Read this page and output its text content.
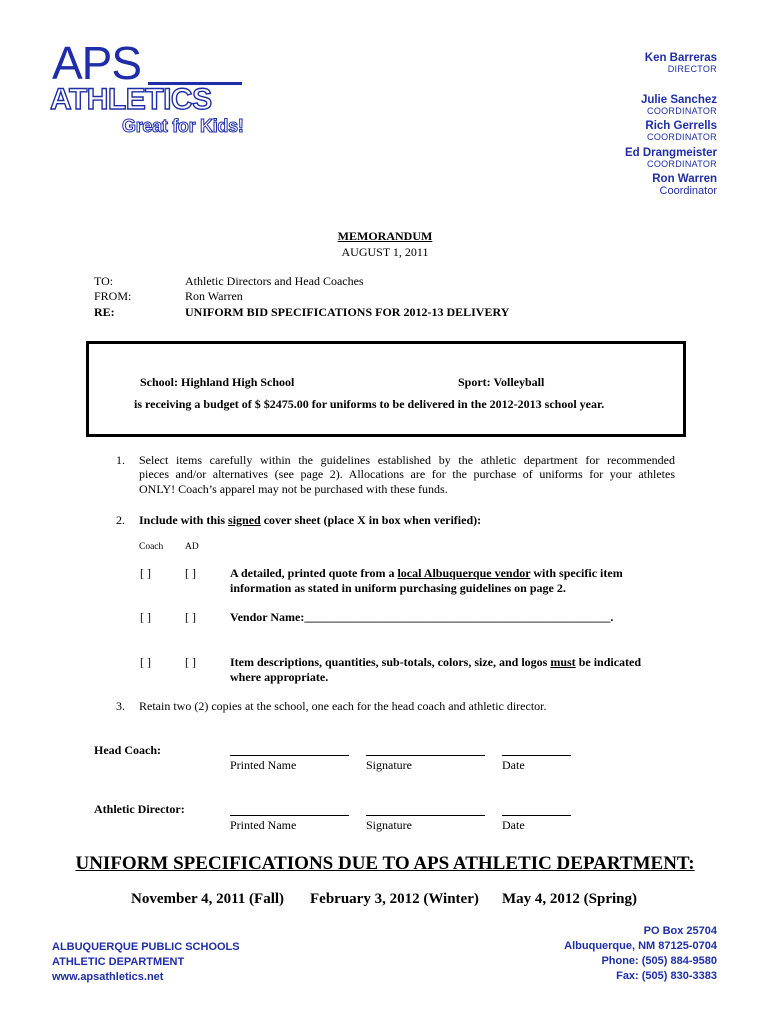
APS
ATHLETICS
Great for Kids!
Ken Barreras
DIRECTOR
Julie Sanchez
COORDINATOR
Rich Gerrells
COORDINATOR
Ed Drangmeister
COORDINATOR
Ron Warren
Coordinator
MEMORANDUM
AUGUST 1, 2011
TO:	Athletic Directors and Head Coaches
FROM:	Ron Warren
RE:	UNIFORM BID SPECIFICATIONS FOR 2012-13 DELIVERY
School: Highland High School	Sport: Volleyball
is receiving a budget of $ $2475.00 for uniforms to be delivered in the 2012-2013 school year.
1. Select items carefully within the guidelines established by the athletic department for recommended
pieces and/or alternatives (see page 2). Allocations are for the purchase of uniforms for your athletes
ONLY! Coach’s apparel may not be purchased with these funds.
2. Include with this signed cover sheet (place X in box when verified):
Coach AD
[ ]	[ ]	A detailed, printed quote from a local Albuquerque vendor with specific item
information as stated in uniform purchasing guidelines on page 2.
[ ]	[ ]	Vendor Name:___________________________________________________.
[ ]	[ ]	Item descriptions, quantities, sub-totals, colors, size, and logos must be indicated
where appropriate.
3. Retain two (2) copies at the school, one each for the head coach and athletic director.
Head Coach:
Printed Name	Signature	Date
Athletic Director:
Printed Name	Signature	Date
UNIFORM SPECIFICATIONS DUE TO APS ATHLETIC DEPARTMENT:
November 4, 2011 (Fall) February 3, 2012 (Winter) May 4, 2012 (Spring)
ALBUQUERQUE PUBLIC SCHOOLS
ATHLETIC DEPARTMENT
www.apsathletics.net
PO Box 25704
Albuquerque, NM 87125-0704
Phone: (505) 884-9580
Fax: (505) 830-3383
